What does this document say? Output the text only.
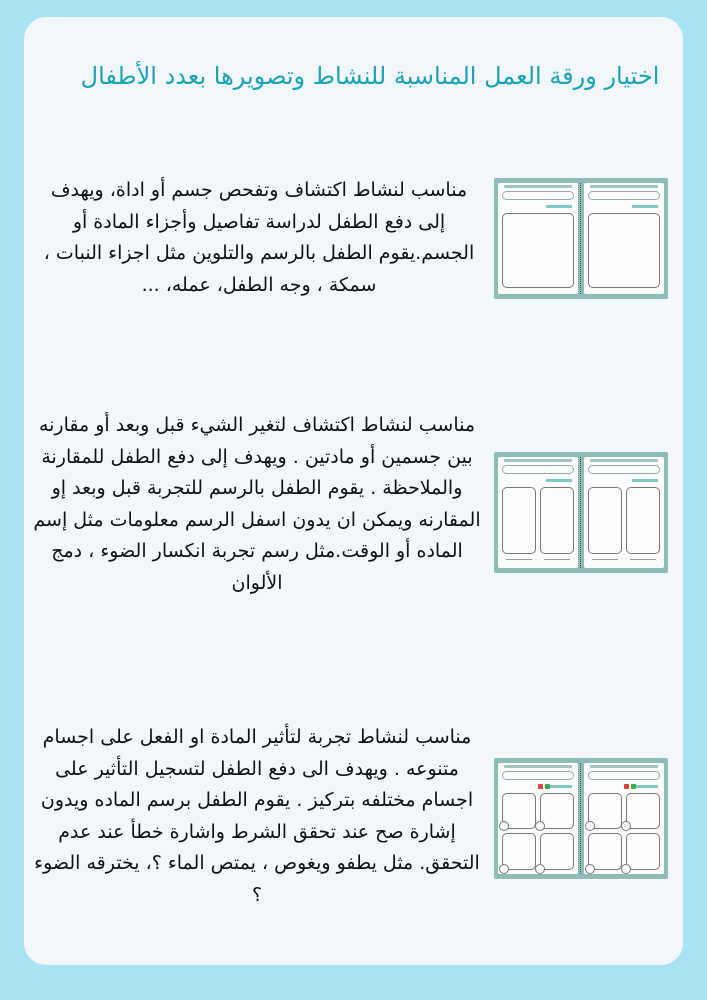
اختيار ورقة العمل المناسبة للنشاط وتصويرها بعدد الأطفال
مناسب لنشاط اكتشاف وتفحص جسم أو اداة، ويهدف إلى دفع الطفل لدراسة تفاصيل وأجزاء المادة أو الجسم.يقوم الطفل بالرسم والتلوين مثل اجزاء النبات ، سمكة ، وجه الطفل، عمله، ...
مناسب لنشاط اكتشاف لتغير الشيء قبل وبعد أو مقارنه بين جسمين أو مادتين . ويهدف إلى دفع الطفل للمقارنة والملاحظة . يقوم الطفل بالرسم للتجربة قبل وبعد إو المقارنه ويمكن ان يدون اسفل الرسم معلومات مثل إسم الماده أو الوقت.مثل رسم تجربة انكسار الضوء ، دمج الألوان
مناسب لنشاط تجربة لتأثير المادة او الفعل على اجسام متنوعه . ويهدف الى دفع الطفل لتسجيل التأثير على اجسام مختلفه بتركيز . يقوم الطفل برسم الماده ويدون إشارة صح عند تحقق الشرط واشارة خطأ عند عدم التحقق. مثل يطفو ويغوص ، يمتص الماء ؟، يخترقه الضوء ؟
